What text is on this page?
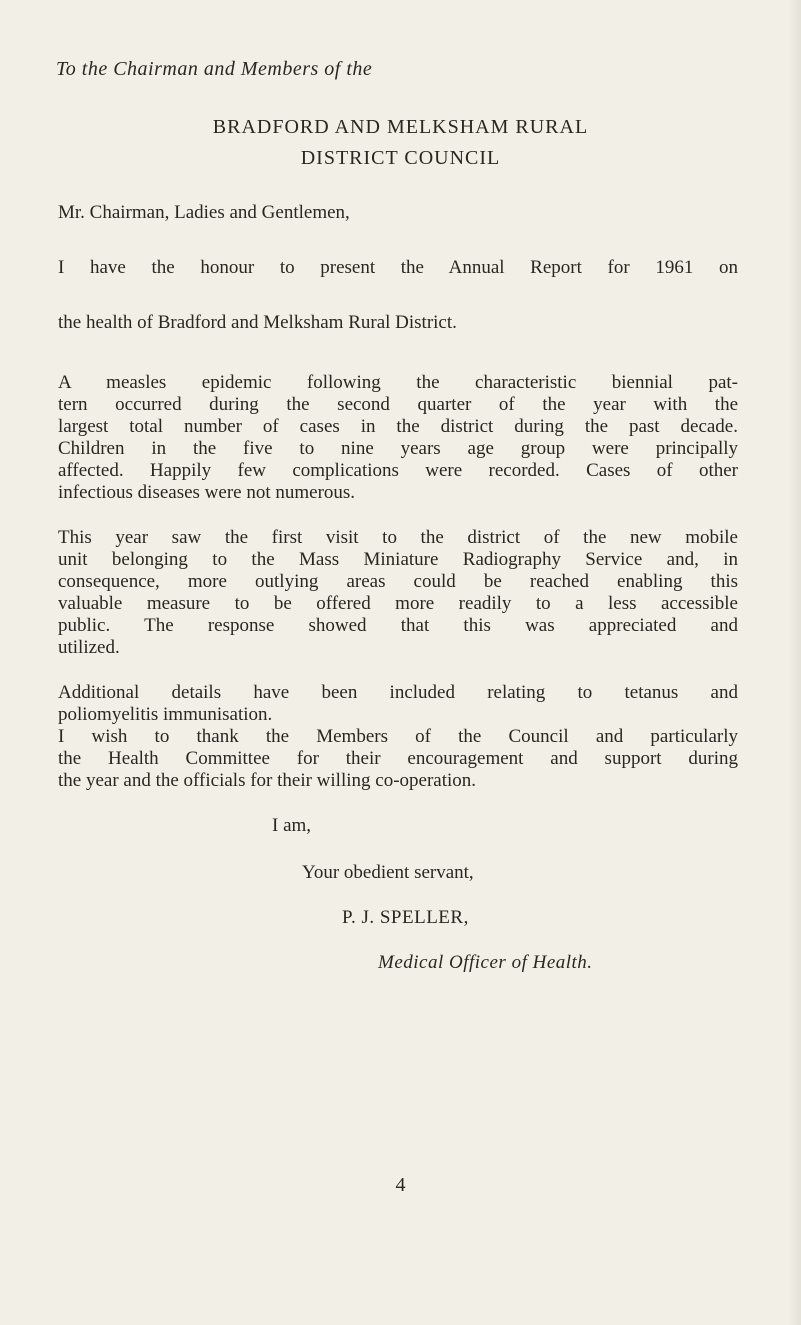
To the Chairman and Members of the
BRADFORD AND MELKSHAM RURAL
DISTRICT COUNCIL
Mr. Chairman, Ladies and Gentlemen,
I have the honour to present the Annual Report for 1961 on
the health of Bradford and Melksham Rural District.
A measles epidemic following the characteristic biennial pat-
tern occurred during the second quarter of the year with the
largest total number of cases in the district during the past decade.
Children in the five to nine years age group were principally
affected. Happily few complications were recorded. Cases of other
infectious diseases were not numerous.
This year saw the first visit to the district of the new mobile
unit belonging to the Mass Miniature Radiography Service and, in
consequence, more outlying areas could be reached enabling this
valuable measure to be offered more readily to a less accessible
public. The response showed that this was appreciated and
utilized.
Additional details have been included relating to tetanus and
poliomyelitis immunisation.
I wish to thank the Members of the Council and particularly
the Health Committee for their encouragement and support during
the year and the officials for their willing co-operation.
I am,
Your obedient servant,
P. J. SPELLER,
Medical Officer of Health.
4
